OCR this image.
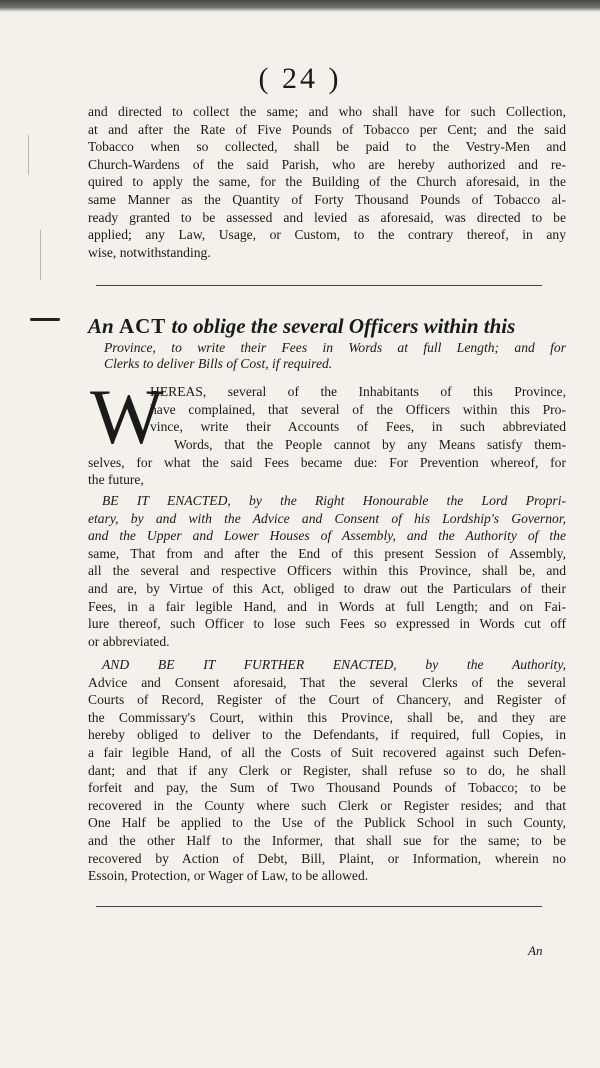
( 24 )
and directed to collect the same; and who shall have for such Collection,
at and after the Rate of Five Pounds of Tobacco per Cent; and the said
Tobacco when so collected, shall be paid to the Vestry-Men and
Church-Wardens of the said Parish, who are hereby authorized and re-
quired to apply the same, for the Building of the Church aforesaid, in the
same Manner as the Quantity of Forty Thousand Pounds of Tobacco al-
ready granted to be assessed and levied as aforesaid, was directed to be
applied; any Law, Usage, or Custom, to the contrary thereof, in any
wise, notwithstanding.
An ACT to oblige the several Officers within this
Province, to write their Fees in Words at full Length; and for
Clerks to deliver Bills of Cost, if required.
W
HEREAS, several of the Inhabitants of this Province,
have complained, that several of the Officers within this Pro-
vince, write their Accounts of Fees, in such abbreviated
Words, that the People cannot by any Means satisfy them-
selves, for what the said Fees became due: For Prevention whereof, for
the future,
BE IT ENACTED, by the Right Honourable the Lord Propri-
etary, by and with the Advice and Consent of his Lordship's Governor,
and the Upper and Lower Houses of Assembly, and the Authority of the
same, That from and after the End of this present Session of Assembly,
all the several and respective Officers within this Province, shall be, and
and are, by Virtue of this Act, obliged to draw out the Particulars of their
Fees, in a fair legible Hand, and in Words at full Length; and on Fai-
lure thereof, such Officer to lose such Fees so expressed in Words cut off
or abbreviated.
AND BE IT FURTHER ENACTED, by the Authority,
Advice and Consent aforesaid, That the several Clerks of the several
Courts of Record, Register of the Court of Chancery, and Register of
the Commissary's Court, within this Province, shall be, and they are
hereby obliged to deliver to the Defendants, if required, full Copies, in
a fair legible Hand, of all the Costs of Suit recovered against such Defen-
dant; and that if any Clerk or Register, shall refuse so to do, he shall
forfeit and pay, the Sum of Two Thousand Pounds of Tobacco; to be
recovered in the County where such Clerk or Register resides; and that
One Half be applied to the Use of the Publick School in such County,
and the other Half to the Informer, that shall sue for the same; to be
recovered by Action of Debt, Bill, Plaint, or Information, wherein no
Essoin, Protection, or Wager of Law, to be allowed.
An
